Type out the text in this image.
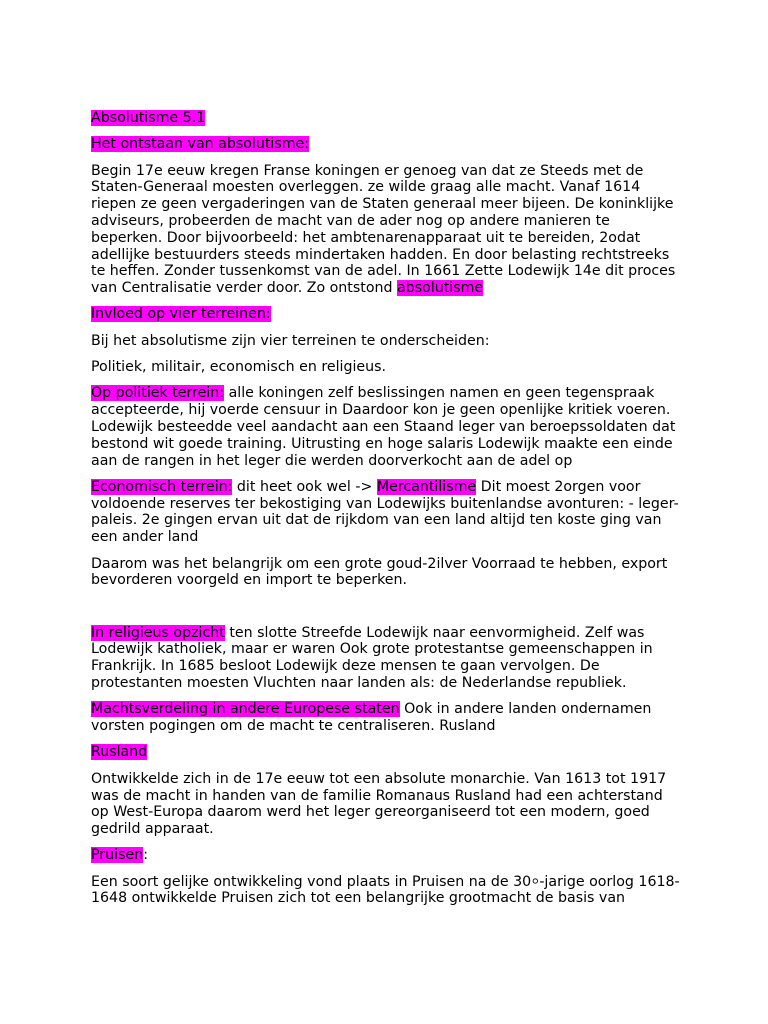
Absolutisme 5.1

Het ontstaan van absolutisme:

Begin 17e eeuw kregen Franse koningen er genoeg van dat ze Steeds met de Staten-Generaal moesten overleggen. ze wilde graag alle macht. Vanaf 1614 riepen ze geen vergaderingen van de Staten generaal meer bijeen. De koninklijke adviseurs, probeerden de macht van de ader nog op andere manieren te beperken. Door bijvoorbeeld: het ambtenarenapparaat uit te bereiden, 2odat adellijke bestuurders steeds mindertaken hadden. En door belasting rechtstreeks te heffen. Zonder tussenkomst van de adel. In 1661 Zette Lodewijk 14e dit proces van Centralisatie verder door. Zo ontstond absolutisme

Invloed op vier terreinen:

Bij het absolutisme zijn vier terreinen te onderscheiden:

Politiek, militair, economisch en religieus.

Op politiek terrein: alle koningen zelf beslissingen namen en geen tegenspraak accepteerde, hij voerde censuur in Daardoor kon je geen openlijke kritiek voeren. Lodewijk besteedde veel aandacht aan een Staand leger van beroepssoldaten dat bestond wit goede training. Uitrusting en hoge salaris Lodewijk maakte een einde aan de rangen in het leger die werden doorverkocht aan de adel op

Economisch terrein: dit heet ook wel -> Mercantilisme Dit moest 2orgen voor voldoende reserves ter bekostiging van Lodewijks buitenlandse avonturen: - leger-paleis. 2e gingen ervan uit dat de rijkdom van een land altijd ten koste ging van een ander land

Daarom was het belangrijk om een grote goud-2ilver Voorraad te hebben, export bevorderen voorgeld en import te beperken.

In religieus opzicht ten slotte Streefde Lodewijk naar eenvormigheid. Zelf was Lodewijk katholiek, maar er waren Ook grote protestantse gemeenschappen in Frankrijk. In 1685 besloot Lodewijk deze mensen te gaan vervolgen. De protestanten moesten Vluchten naar landen als: de Nederlandse republiek.

Machtsverdeling in andere Europese staten Ook in andere landen ondernamen vorsten pogingen om de macht te centraliseren. Rusland

Rusland

Ontwikkelde zich in de 17e eeuw tot een absolute monarchie. Van 1613 tot 1917 was de macht in handen van de familie Romanaus Rusland had een achterstand op West-Europa daarom werd het leger gereorganiseerd tot een modern, goed gedrild apparaat.

Pruisen:

Een soort gelijke ontwikkeling vond plaats in Pruisen na de 30⸰-jarige oorlog 1618-1648 ontwikkelde Pruisen zich tot een belangrijke grootmacht de basis van
